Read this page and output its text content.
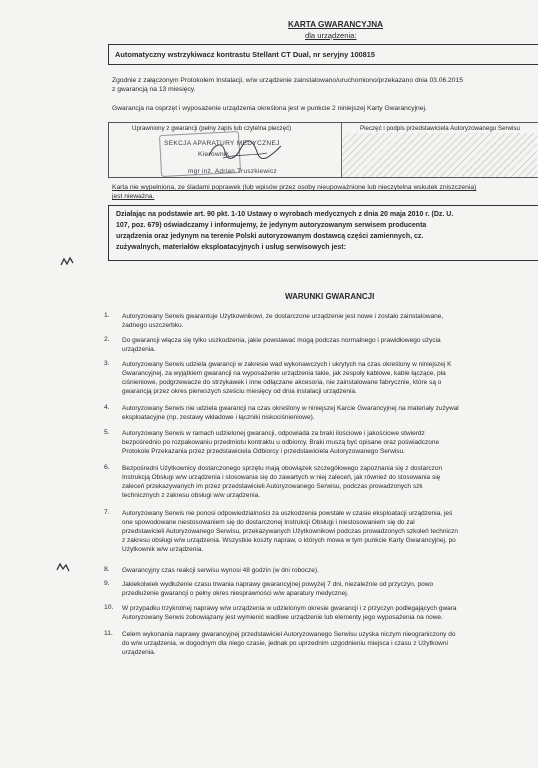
KARTA GWARANCYJNA
dla urządzenia:
Automatyczny wstrzykiwacz kontrastu Stellant CT Dual, nr seryjny 100815
Zgodnie z załączonym Protokołem Instalacji, w/w urządzenie zainstalowano/uruchomiono/przekazano dnia 03.06.2015
z gwarancją na 13 miesięcy.
Gwarancja na osprzęt i wyposażenie urządzenia określona jest w punkcie 2 niniejszej Karty Gwarancyjnej.
Uprawniony z gwarancji (pełny zapis lub czytelna pieczęć)	Pieczęć i podpis przedstawiciela Autoryzowanego Serwisu
SEKCJA APARATURY MEDYCZNEJ
Kierownik
mgr inż. Adrian Truszkiewicz
Karta nie wypełniona, ze śladami poprawek (lub wpisów przez osoby nieupoważnione lub nieczytelna wskutek zniszczenia)
jest nieważna.
Działając na podstawie art. 90 pkt. 1-10 Ustawy o wyrobach medycznych z dnia 20 maja 2010 r. (Dz. U.
107, poz. 679) oświadczamy i informujemy, że jedynym autoryzowanym serwisem producenta
urządzenia oraz jedynym na terenie Polski autoryzowanym dostawcą części zamiennych, cz.
zużywalnych, materiałów eksploatacyjnych i usług serwisowych jest:
WARUNKI GWARANCJI
1. Autoryzowany Serwis gwarantuje Użytkownikowi, że dostarczone urządzenie jest nowe i zostało zainstalowane,
żadnego uszczerbku.
2. Do gwarancji włącza się tylko uszkodzenia, jakie powstawać mogą podczas normalnego i prawidłowego użycia
urządzenia.
3. Autoryzowany Serwis udziela gwarancji w zakresie wad wykonawczych i ukrytych na czas określony w niniejszej K
Gwarancyjnej, za wyjątkiem gwarancji na wyposażenie urządzenia takie, jak zespoły kablowe, kable łączące, pła
ciśnieniowe, podgrzewacze do strzykawek i inne odłączane akcesoria, nie zainstalowane fabrycznie, które są o
gwarancją przez okres pierwszych sześciu miesięcy od dnia instalacji urządzenia.
4. Autoryzowany Serwis nie udziela gwarancji na czas określony w niniejszej Karcie Gwarancyjnej na materiały zużywal
eksploatacyjne (np. zestawy wkładowe i łączniki niskociśnieniowe).
5. Autoryzowany Serwis w ramach udzielonej gwarancji, odpowiada za braki ilościowe i jakościowe stwierdz
bezpośrednio po rozpakowaniu przedmiotu kontraktu u odbiorcy. Braki muszą być opisane oraz poświadczone
Protokole Przekazania przez przedstawiciela Odbiorcy i przedstawiciela Autoryzowanego Serwisu.
6. Bezpośredni Użytkownicy dostarczonego sprzętu mają obowiązek szczegółowego zapoznania się z dostarczon
Instrukcją Obsługi w/w urządzenia i stosowania się do zawartych w niej zaleceń, jak również do stosowania się
zaleceń przekazywanych im przez przedstawicieli Autoryzowanego Serwisu, podczas prowadzonych szk
technicznych z zakresu obsługi w/w urządzenia.
7. Autoryzowany Serwis nie ponosi odpowiedzialności za uszkodzenia powstałe w czasie eksploatacji urządzenia, jeś
one spowodowane niestosowaniem się do dostarczonej Instrukcji Obsługi i niestosowaniem się do zal
przedstawicieli Autoryzowanego Serwisu, przekazywanych Użytkownikowi podczas prowadzonych szkoleń techniczn
z zakresu obsługi w/w urządzenia. Wszystkie koszty napraw, o których mowa w tym punkcie Karty Gwarancyjnej, po
Użytkownik w/w urządzenia.
8. Gwarancyjny czas reakcji serwisu wynosi 48 godzin (w dni robocze).
9. Jakiekolwiek wydłużenie czasu trwania naprawy gwarancyjnej powyżej 7 dni, niezależnie od przyczyn, powo
przedłużenie gwarancji o pełny okres niesprawności w/w aparatury medycznej.
10. W przypadku trzykrotnej naprawy w/w urządzenia w udzielonym okresie gwarancji i z przyczyn podlegających gwara
Autoryzowany Serwis zobowiązany jest wymienić wadliwe urządzenie lub elementy jego wyposażenia na nowe.
11. Celem wykonania naprawy gwarancyjnej przedstawiciel Autoryzowanego Serwisu uzyska niczym nieograniczony do
do w/w urządzenia, w dogodnym dla niego czasie, jednak po uprzednim uzgodnieniu miejsca i czasu z Użytkowni
urządzenia.
